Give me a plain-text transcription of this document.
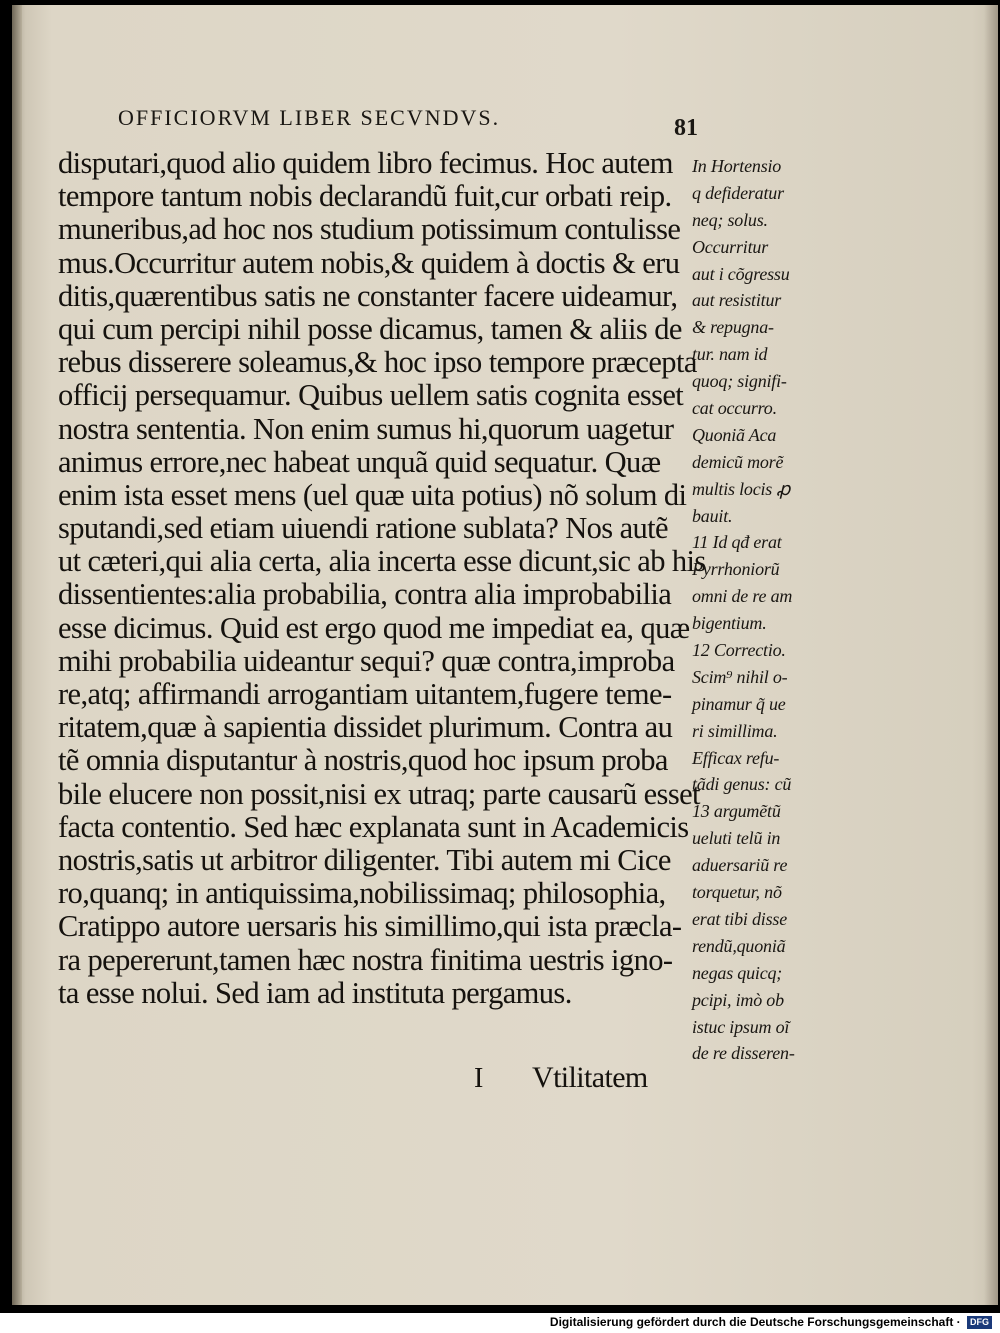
OFFICIORVM LIBER SECVNDVS.	81
disputari,quod alio quidem libro fecimus. Hoc autem
tempore tantum nobis declarandũ fuit,cur orbati reip.
muneribus,ad hoc nos studium potissimum contulisse
mus.Occurritur autem nobis,& quidem à doctis & eru
ditis,quærentibus satis ne constanter facere uideamur,
qui cum percipi nihil posse dicamus, tamen & aliis de
rebus disserere soleamus,& hoc ipso tempore præcepta
officij persequamur. Quibus uellem satis cognita esset
nostra sententia. Non enim sumus hi,quorum uagetur
animus errore,nec habeat unquã quid sequatur. Quæ
enim ista esset mens (uel quæ uita potius) nõ solum di
sputandi,sed etiam uiuendi ratione sublata? Nos autẽ
ut cæteri,qui alia certa, alia incerta esse dicunt,sic ab his
dissentientes:alia probabilia, contra alia improbabilia
esse dicimus. Quid est ergo quod me impediat ea, quæ
mihi probabilia uideantur sequi? quæ contra,improba
re,atq; affirmandi arrogantiam uitantem,fugere teme-
ritatem,quæ à sapientia dissidet plurimum. Contra au
tẽ omnia disputantur à nostris,quod hoc ipsum proba
bile elucere non possit,nisi ex utraq; parte causarũ esset
facta contentio. Sed hæc explanata sunt in Academicis
nostris,satis ut arbitror diligenter. Tibi autem mi Cice
ro,quanq; in antiquissima,nobilissimaq; philosophia,
Cratippo autore uersaris his simillimo,qui ista præcla-
ra pepererunt,tamen hæc nostra finitima uestris igno-
ta esse nolui. Sed iam ad instituta pergamus.
I Vtilitatem
In Hortensio
q defideratur
neq; solus.
Occurritur
aut i cõgressu
aut resistitur
& repugna-
tur. nam id
quoq; signifi-
cat occurro.
Quoniã Aca
demicũ morẽ
multis locis ꝓ
bauit.
11 Id qđ erat
Pyrrhoniorũ
omni de re am
bigentium.
12 Correctio.
Scim⁹ nihil o-
pinamur q̃ ue
ri simillima.
Efficax refu-
tãdi genus: cũ
13 argumẽtũ
ueluti telũ in
aduersariũ re
torquetur, nõ
erat tibi disse
rendũ,quoniã
negas quicq;
pcipi, imò ob
istuc ipsum oĩ
de re disseren-
Digitalisierung gefördert durch die Deutsche Forschungsgemeinschaft · DFG
